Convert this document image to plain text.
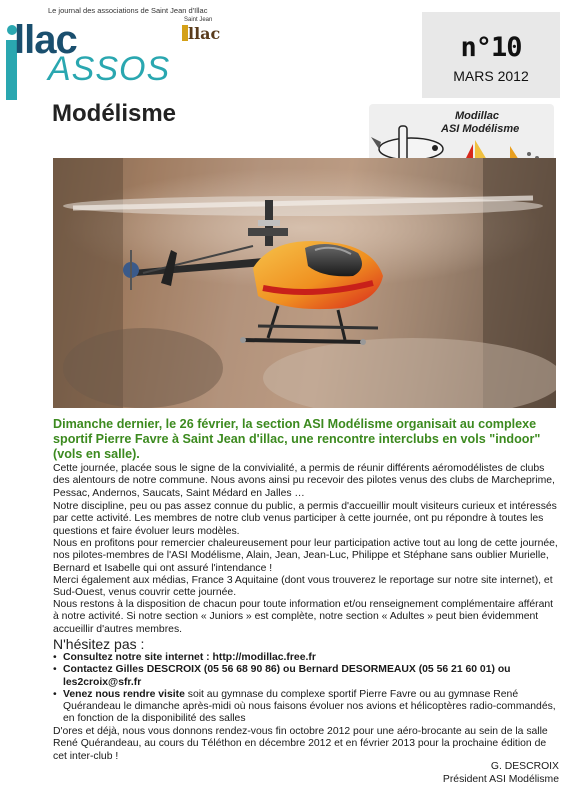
Le journal des associations de Saint Jean d'Illac
llac
ASSOS
Saint Jean
llac	n°10
MARS 2012
Modélisme	Modillac
ASI Modélisme
Dimanche dernier, le 26 février, la section ASI Modélisme organisait au complexe sportif Pierre Favre à Saint Jean d'illac, une rencontre interclubs en vols "indoor" (vols en salle).
Cette journée, placée sous le signe de la convivialité, a permis de réunir différents aéromodélistes de clubs des alentours de notre commune. Nous avons ainsi pu recevoir des pilotes venus des clubs de Marcheprime, Pessac, Andernos, Saucats, Saint Médard en Jalles …
Notre discipline, peu ou pas assez connue du public, a permis d'accueillir moult visiteurs curieux et intéressés par cette activité. Les membres de notre club venus participer à cette journée, ont pu répondre à toutes les questions et faire évoluer leurs modèles.
Nous en profitons pour remercier chaleureusement pour leur participation active tout au long de cette journée, nos pilotes-membres de l'ASI Modélisme, Alain, Jean, Jean-Luc, Philippe et Stéphane sans oublier Murielle, Bernard et Isabelle qui ont assuré l'intendance !
Merci également aux médias, France 3 Aquitaine (dont vous trouverez le reportage sur notre site internet), et Sud-Ouest, venus couvrir cette journée.
Nous restons à la disposition de chacun pour toute information et/ou renseignement complémentaire afférant à notre activité. Si notre section « Juniors » est complète, notre section « Adultes » peut bien évidemment accueillir d'autres membres.
N'hésitez pas :
• Consultez notre site internet : http://modillac.free.fr
• Contactez Gilles DESCROIX (05 56 68 90 86) ou Bernard DESORMEAUX (05 56 21 60 01) ou les2croix@sfr.fr
• Venez nous rendre visite soit au gymnase du complexe sportif Pierre Favre ou au gymnase René Quérandeau le dimanche après-midi où nous faisons évoluer nos avions et hélicoptères radio-commandés, en fonction de la disponibilité des salles
D'ores et déjà, nous vous donnons rendez-vous fin octobre 2012 pour une aéro-brocante au sein de la salle René Quérandeau, au cours du Téléthon en décembre 2012 et en février 2013 pour la prochaine édition de cet inter-club !
G. DESCROIX
Président ASI Modélisme
